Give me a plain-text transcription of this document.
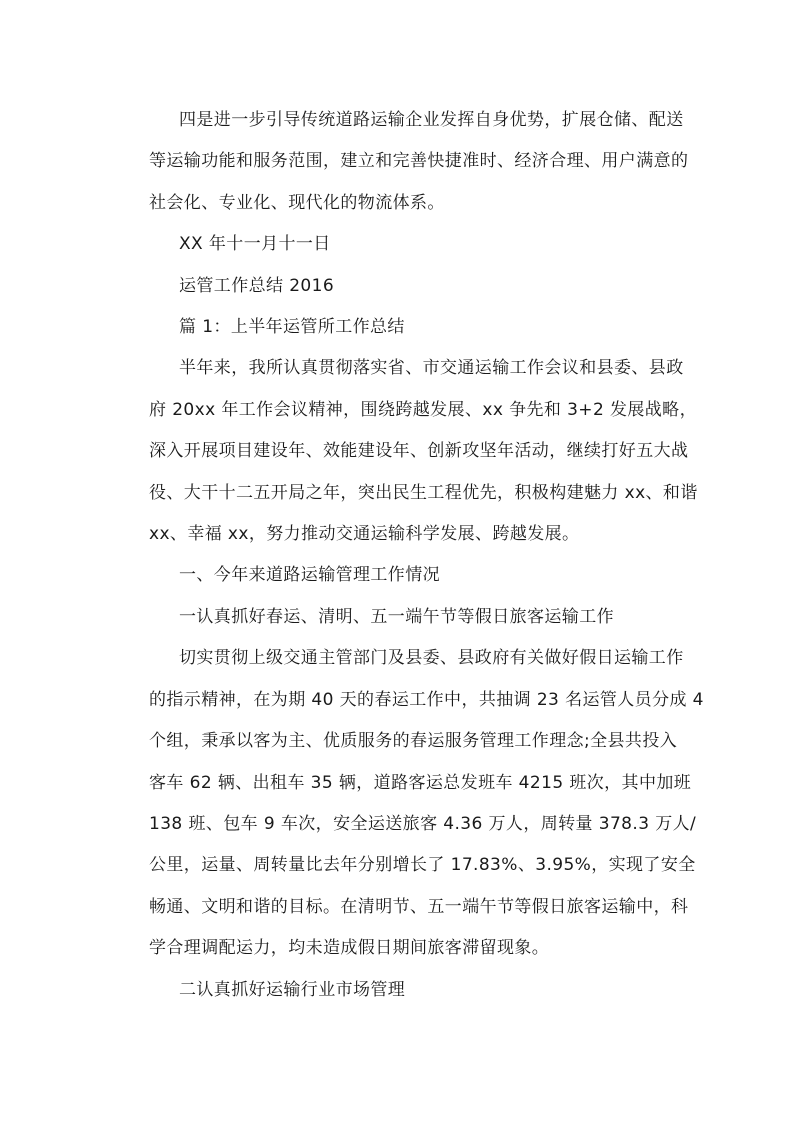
四是进一步引导传统道路运输企业发挥自身优势，扩展仓储、配送
等运输功能和服务范围，建立和完善快捷准时、经济合理、用户满意的
社会化、专业化、现代化的物流体系。
XX 年十一月十一日
运管工作总结 2016
篇 1：上半年运管所工作总结
半年来，我所认真贯彻落实省、市交通运输工作会议和县委、县政
府 20xx 年工作会议精神，围绕跨越发展、xx 争先和 3+2 发展战略，
深入开展项目建设年、效能建设年、创新攻坚年活动，继续打好五大战
役、大干十二五开局之年，突出民生工程优先，积极构建魅力 xx、和谐
xx、幸福 xx，努力推动交通运输科学发展、跨越发展。
一、今年来道路运输管理工作情况
一认真抓好春运、清明、五一端午节等假日旅客运输工作
切实贯彻上级交通主管部门及县委、县政府有关做好假日运输工作
的指示精神，在为期 40 天的春运工作中，共抽调 23 名运管人员分成 4
个组，秉承以客为主、优质服务的春运服务管理工作理念;全县共投入
客车 62 辆、出租车 35 辆，道路客运总发班车 4215 班次，其中加班
138 班、包车 9 车次，安全运送旅客 4.36 万人，周转量 378.3 万人/
公里，运量、周转量比去年分别增长了 17.83%、3.95%，实现了安全
畅通、文明和谐的目标。在清明节、五一端午节等假日旅客运输中，科
学合理调配运力，均未造成假日期间旅客滞留现象。
二认真抓好运输行业市场管理
